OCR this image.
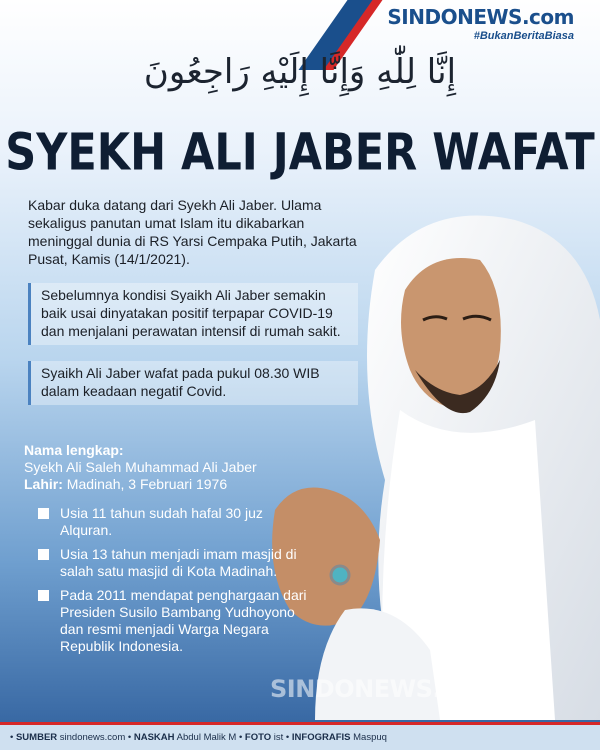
SINDONEWS.com
#BukanBeritaBiasa
إِنَّا لِلّٰهِ وَإِنَّا إِلَيْهِ رَاجِعُونَ
SYEKH ALI JABER WAFAT
Kabar duka datang dari Syekh Ali Jaber. Ulama sekaligus panutan umat Islam itu dikabarkan meninggal dunia di RS Yarsi Cempaka Putih, Jakarta Pusat, Kamis (14/1/2021).
Sebelumnya kondisi Syaikh Ali Jaber semakin baik usai dinyatakan positif terpapar COVID-19 dan menjalani perawatan intensif di rumah sakit.
Syaikh Ali Jaber wafat pada pukul 08.30 WIB dalam keadaan negatif Covid.
Nama lengkap:
Syekh Ali Saleh Muhammad Ali Jaber
Lahir: Madinah, 3 Februari 1976
Usia 11 tahun sudah hafal 30 juz Alquran.
Usia 13 tahun menjadi imam masjid di salah satu masjid di Kota Madinah.
Pada 2011 mendapat penghargaan dari Presiden Susilo Bambang Yudhoyono dan resmi menjadi Warga Negara Republik Indonesia.
SINDONEWS.com
• SUMBER sindonews.com • NASKAH Abdul Malik M • FOTO ist • INFOGRAFIS Maspuq
